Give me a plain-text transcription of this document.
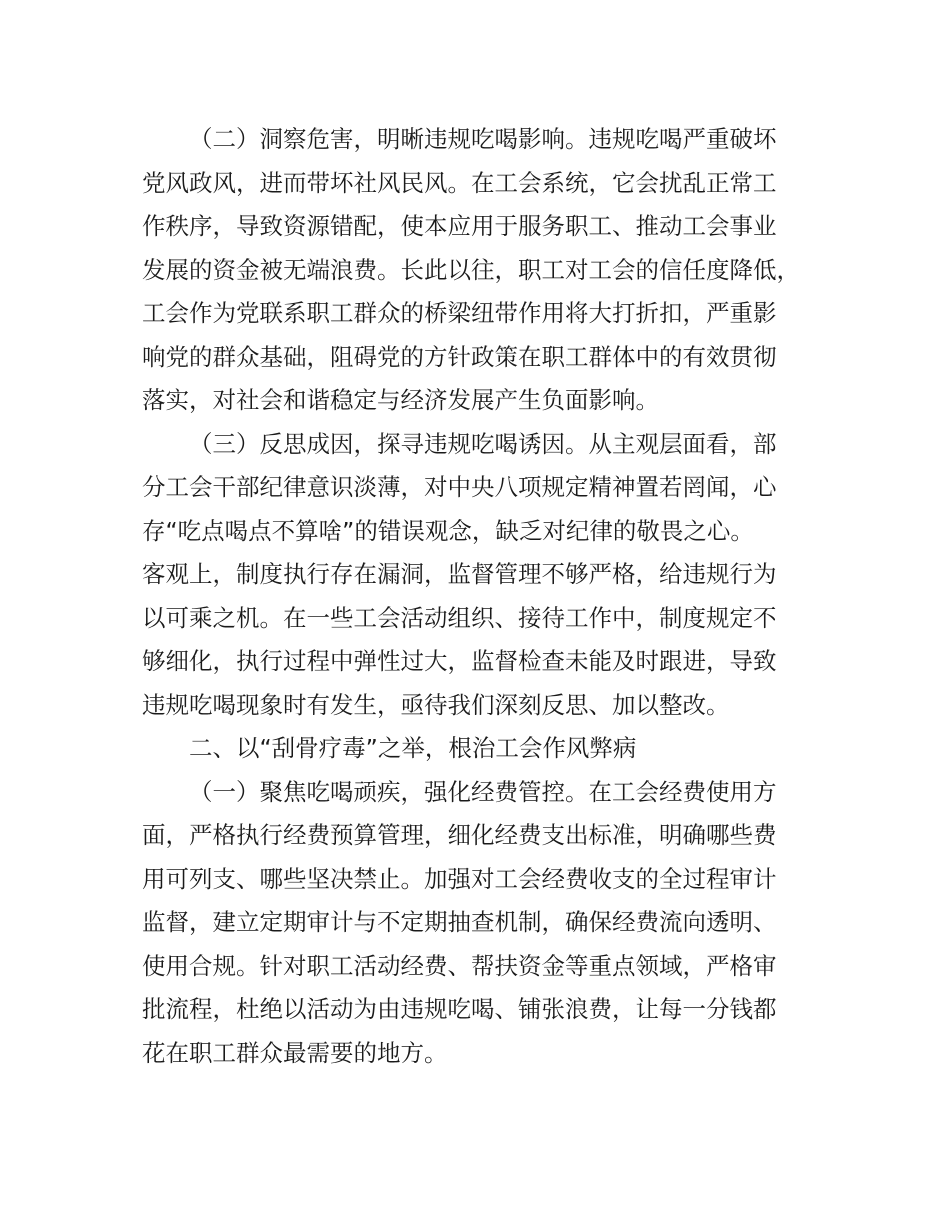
（二）洞察危害，明晰违规吃喝影响。违规吃喝严重破坏
党风政风，进而带坏社风民风。在工会系统，它会扰乱正常工
作秩序，导致资源错配，使本应用于服务职工、推动工会事业
发展的资金被无端浪费。长此以往，职工对工会的信任度降低，
工会作为党联系职工群众的桥梁纽带作用将大打折扣，严重影
响党的群众基础，阻碍党的方针政策在职工群体中的有效贯彻
落实，对社会和谐稳定与经济发展产生负面影响。
（三）反思成因，探寻违规吃喝诱因。从主观层面看，部
分工会干部纪律意识淡薄，对中央八项规定精神置若罔闻，心
存“吃点喝点不算啥”的错误观念，缺乏对纪律的敬畏之心。
客观上，制度执行存在漏洞，监督管理不够严格，给违规行为
以可乘之机。在一些工会活动组织、接待工作中，制度规定不
够细化，执行过程中弹性过大，监督检查未能及时跟进，导致
违规吃喝现象时有发生，亟待我们深刻反思、加以整改。
二、以“刮骨疗毒”之举，根治工会作风弊病
（一）聚焦吃喝顽疾，强化经费管控。在工会经费使用方
面，严格执行经费预算管理，细化经费支出标准，明确哪些费
用可列支、哪些坚决禁止。加强对工会经费收支的全过程审计
监督，建立定期审计与不定期抽查机制，确保经费流向透明、
使用合规。针对职工活动经费、帮扶资金等重点领域，严格审
批流程，杜绝以活动为由违规吃喝、铺张浪费，让每一分钱都
花在职工群众最需要的地方。
